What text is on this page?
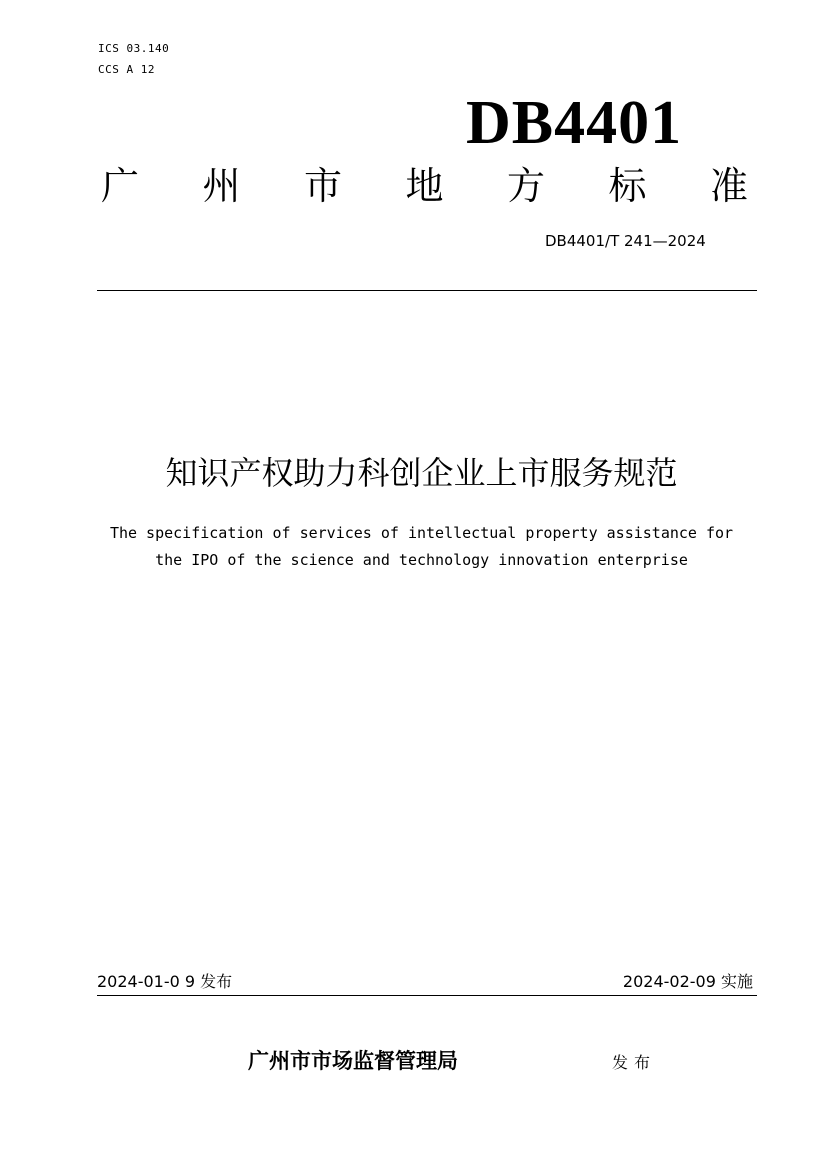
ICS 03.140
CCS A 12
DB4401
广 州 市 地 方 标 准
DB4401/T 241—2024
知识产权助力科创企业上市服务规范
The specification of services of intellectual property assistance for
the IPO of the science and technology innovation enterprise
2024-01-0 9 发布	2024-02-09 实施
广州市市场监督管理局	发布
